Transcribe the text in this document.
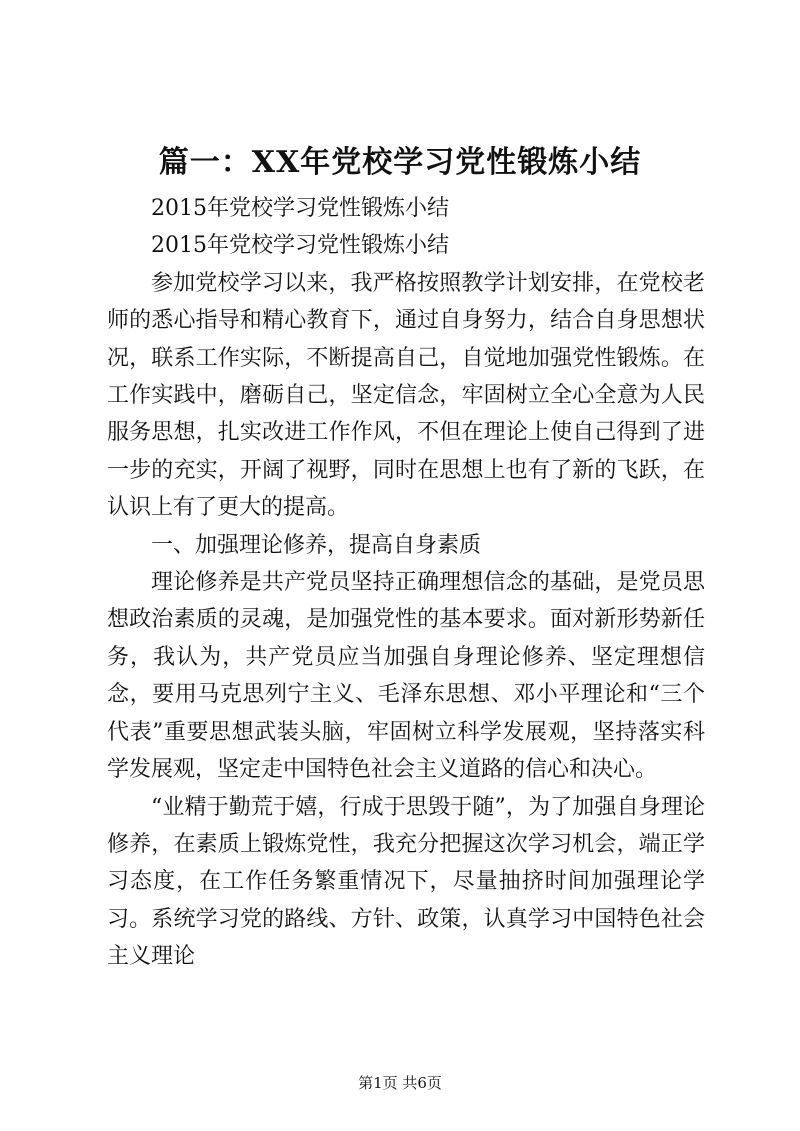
篇一：XX年党校学习党性锻炼小结

2015年党校学习党性锻炼小结

2015年党校学习党性锻炼小结

参加党校学习以来，我严格按照教学计划安排，在党校老师的悉心指导和精心教育下，通过自身努力，结合自身思想状况，联系工作实际，不断提高自己，自觉地加强党性锻炼。在工作实践中，磨砺自己，坚定信念，牢固树立全心全意为人民服务思想，扎实改进工作作风，不但在理论上使自己得到了进一步的充实，开阔了视野，同时在思想上也有了新的飞跃，在认识上有了更大的提高。

一、加强理论修养，提高自身素质

理论修养是共产党员坚持正确理想信念的基础，是党员思想政治素质的灵魂，是加强党性的基本要求。面对新形势新任务，我认为，共产党员应当加强自身理论修养、坚定理想信念，要用马克思列宁主义、毛泽东思想、邓小平理论和“三个代表”重要思想武装头脑，牢固树立科学发展观，坚持落实科学发展观，坚定走中国特色社会主义道路的信心和决心。

“业精于勤荒于嬉，行成于思毁于随”，为了加强自身理论修养，在素质上锻炼党性，我充分把握这次学习机会，端正学习态度，在工作任务繁重情况下，尽量抽挤时间加强理论学习。系统学习党的路线、方针、政策，认真学习中国特色社会主义理论

第1页 共6页
